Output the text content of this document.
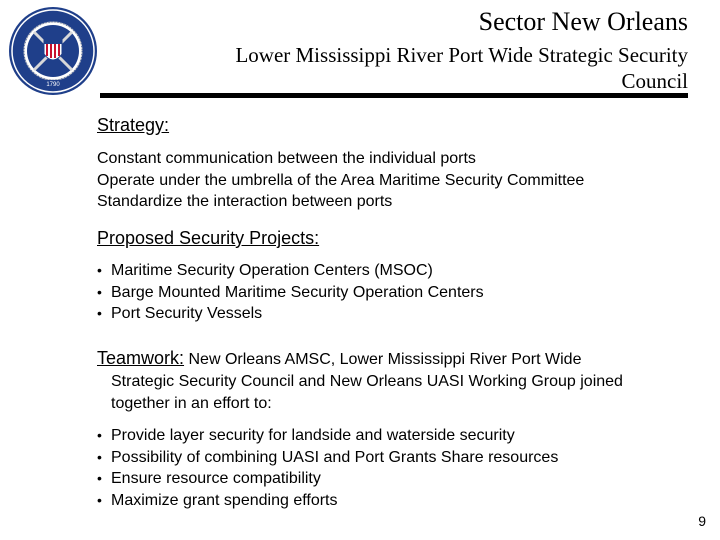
1790
Sector New Orleans
Lower Mississippi River Port Wide Strategic Security Council
Strategy:
Constant communication between the individual ports
Operate under the umbrella of the Area Maritime Security Committee
Standardize the interaction between ports
Proposed Security Projects:
• Maritime Security Operation Centers (MSOC)
• Barge Mounted Maritime Security Operation Centers
• Port Security Vessels
Teamwork: New Orleans AMSC, Lower Mississippi River Port Wide
Strategic Security Council and New Orleans UASI Working Group joined together in an effort to:
• Provide layer security for landside and waterside security
• Possibility of combining UASI and Port Grants Share resources
• Ensure resource compatibility
• Maximize grant spending efforts
9
